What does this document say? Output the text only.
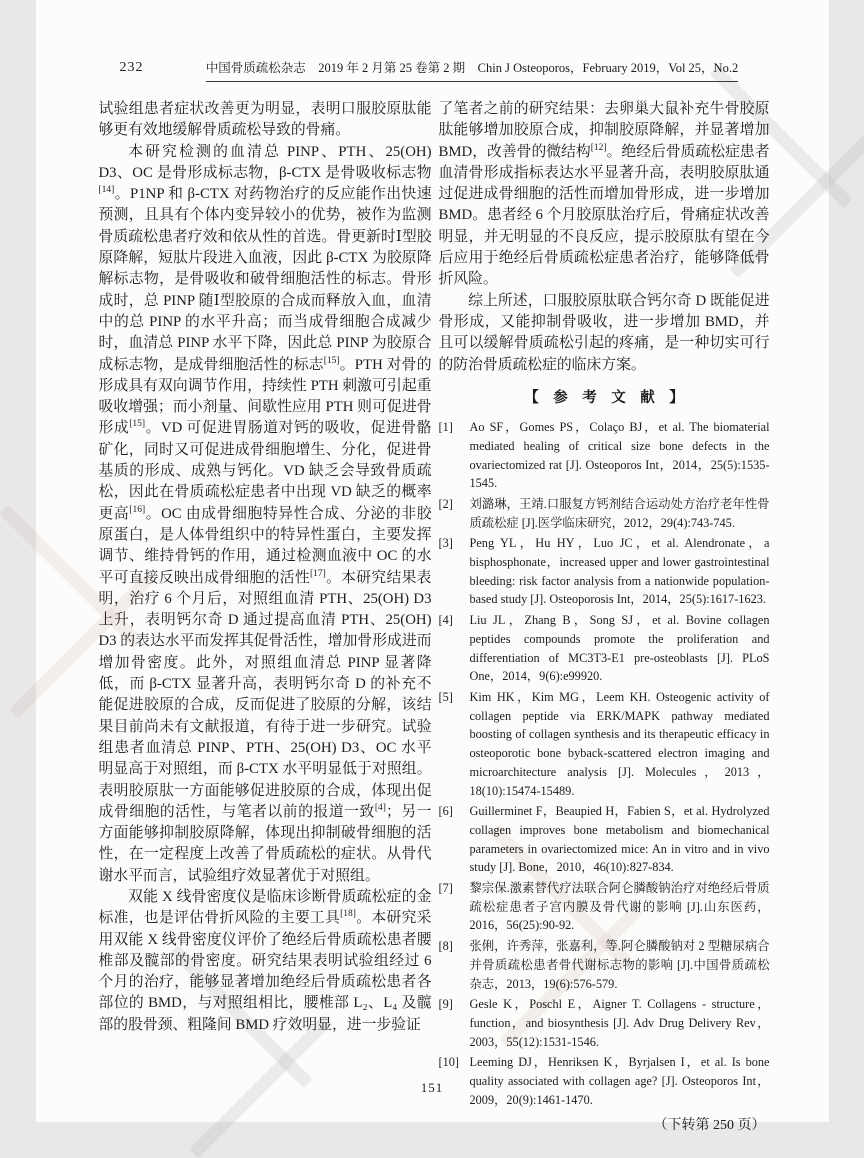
232	中国骨质疏松杂志　2019 年 2 月第 25 卷第 2 期　Chin J Osteoporos，February 2019，Vol 25，No.2

试验组患者症状改善更为明显，表明口服胶原肽能够更有效地缓解骨质疏松导致的骨痛。

本研究检测的血清总 PINP、PTH、25(OH) D3、OC 是骨形成标志物，β-CTX 是骨吸收标志物[14]。P1NP 和 β-CTX 对药物治疗的反应能作出快速预测，且具有个体内变异较小的优势，被作为监测骨质疏松患者疗效和依从性的首选。骨更新时Ⅰ型胶原降解，短肽片段进入血液，因此 β-CTX 为胶原降解标志物，是骨吸收和破骨细胞活性的标志。骨形成时，总 PINP 随Ⅰ型胶原的合成而释放入血，血清中的总 PINP 的水平升高；而当成骨细胞合成减少时，血清总 PINP 水平下降，因此总 PINP 为胶原合成标志物，是成骨细胞活性的标志[15]。PTH 对骨的形成具有双向调节作用，持续性 PTH 刺激可引起重吸收增强；而小剂量、间歇性应用 PTH 则可促进骨形成[15]。VD 可促进胃肠道对钙的吸收，促进骨骼矿化，同时又可促进成骨细胞增生、分化，促进骨基质的形成、成熟与钙化。VD 缺乏会导致骨质疏松，因此在骨质疏松症患者中出现 VD 缺乏的概率更高[16]。OC 由成骨细胞特异性合成、分泌的非胶原蛋白，是人体骨组织中的特异性蛋白，主要发挥调节、维持骨钙的作用，通过检测血液中 OC 的水平可直接反映出成骨细胞的活性[17]。本研究结果表明，治疗 6 个月后，对照组血清 PTH、25(OH) D3 上升，表明钙尔奇 D 通过提高血清 PTH、25(OH) D3 的表达水平而发挥其促骨活性，增加骨形成进而增加骨密度。此外，对照组血清总 PINP 显著降低，而 β-CTX 显著升高，表明钙尔奇 D 的补充不能促进胶原的合成，反而促进了胶原的分解，该结果目前尚未有文献报道，有待于进一步研究。试验组患者血清总 PINP、PTH、25(OH) D3、OC 水平明显高于对照组，而 β-CTX 水平明显低于对照组。表明胶原肽一方面能够促进胶原的合成，体现出促成骨细胞的活性，与笔者以前的报道一致[4]；另一方面能够抑制胶原降解，体现出抑制破骨细胞的活性，在一定程度上改善了骨质疏松的症状。从骨代谢水平而言，试验组疗效显著优于对照组。

双能 X 线骨密度仪是临床诊断骨质疏松症的金标准，也是评估骨折风险的主要工具[18]。本研究采用双能 X 线骨密度仪评价了绝经后骨质疏松患者腰椎部及髋部的骨密度。研究结果表明试验组经过 6 个月的治疗，能够显著增加绝经后骨质疏松患者各部位的 BMD，与对照组相比，腰椎部 L₂、L₄ 及髋部的股骨颈、粗隆间 BMD 疗效明显，进一步验证

了笔者之前的研究结果：去卵巢大鼠补充牛骨胶原肽能够增加胶原合成，抑制胶原降解，并显著增加 BMD，改善骨的微结构[12]。绝经后骨质疏松症患者血清骨形成指标表达水平显著升高，表明胶原肽通过促进成骨细胞的活性而增加骨形成，进一步增加 BMD。患者经 6 个月胶原肽治疗后，骨痛症状改善明显，并无明显的不良反应，提示胶原肽有望在今后应用于绝经后骨质疏松症患者治疗，能够降低骨折风险。

综上所述，口服胶原肽联合钙尔奇 D 既能促进骨形成，又能抑制骨吸收，进一步增加 BMD，并且可以缓解骨质疏松引起的疼痛，是一种切实可行的防治骨质疏松症的临床方案。

【　参　考　文　献　】
[1]	Ao SF，Gomes PS，Colaço BJ，et al. The biomaterial mediated healing of critical size bone defects in the ovariectomized rat [J]. Osteoporos Int，2014，25(5):1535-1545.
[2]	刘潞琳，王靖.口服复方钙剂结合运动处方治疗老年性骨质疏松症 [J].医学临床研究，2012，29(4):743-745.
[3]	Peng YL，Hu HY，Luo JC，et al. Alendronate，a bisphosphonate，increased upper and lower gastrointestinal bleeding: risk factor analysis from a nationwide population-based study [J]. Osteoporosis Int，2014，25(5):1617-1623.
[4]	Liu JL，Zhang B，Song SJ，et al. Bovine collagen peptides compounds promote the proliferation and differentiation of MC3T3-E1 pre-osteoblasts [J]. PLoS One，2014，9(6):e99920.
[5]	Kim HK，Kim MG，Leem KH. Osteogenic activity of collagen peptide via ERK/MAPK pathway mediated boosting of collagen synthesis and its therapeutic efficacy in osteoporotic bone byback-scattered electron imaging and microarchitecture analysis [J]. Molecules，2013，18(10):15474-15489.
[6]	Guillerminet F，Beaupied H，Fabien S，et al. Hydrolyzed collagen improves bone metabolism and biomechanical parameters in ovariectomized mice: An in vitro and in vivo study [J]. Bone，2010，46(10):827-834.
[7]	黎宗保.激素替代疗法联合阿仑膦酸钠治疗对绝经后骨质疏松症患者子宫内膜及骨代谢的影响 [J].山东医药，2016，56(25):90-92.
[8]	张俐，许秀萍，张嘉利，等.阿仑膦酸钠对 2 型糖尿病合并骨质疏松患者骨代谢标志物的影响 [J].中国骨质疏松杂志，2013，19(6):576-579.
[9]	Gesle K，Poschl E，Aigner T. Collagens - structure，function，and biosynthesis [J]. Adv Drug Delivery Rev，2003，55(12):1531-1546.
[10] Leeming DJ，Henriksen K，Byrjalsen I，et al. Is bone quality associated with collagen age? [J]. Osteoporos Int，2009，20(9):1461-1470.
（下转第 250 页）
151
